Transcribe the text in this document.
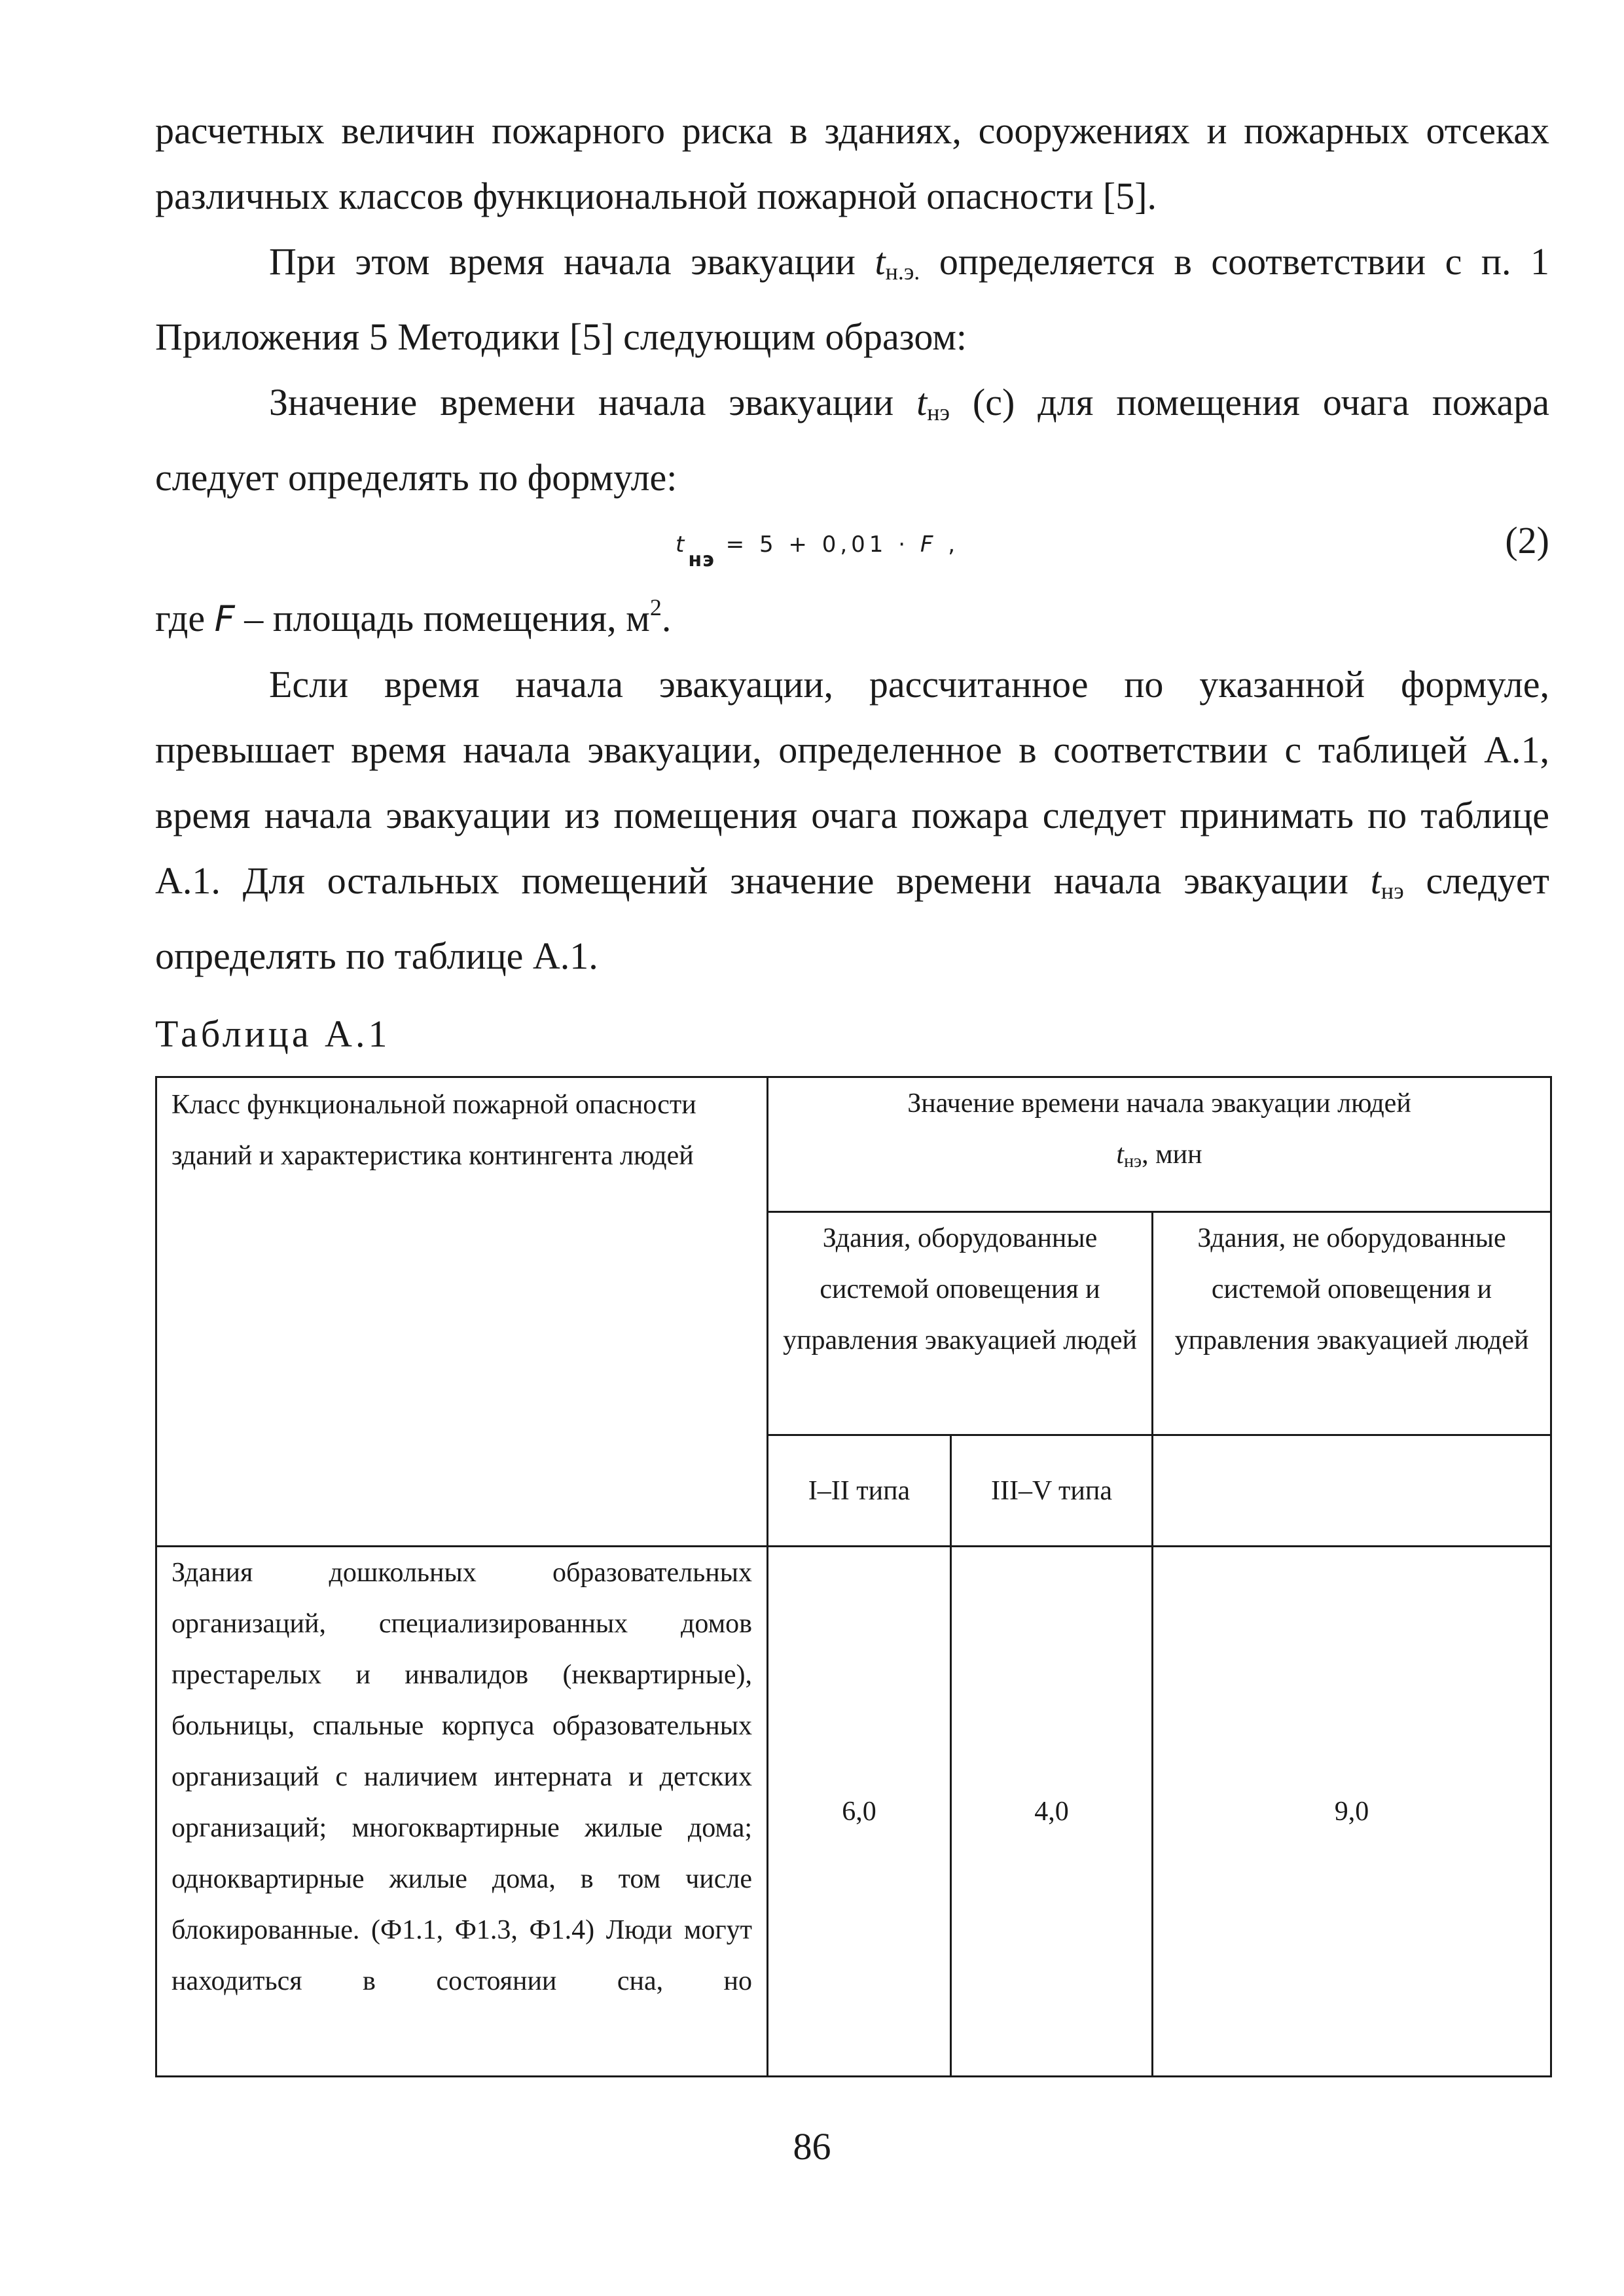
расчетных величин пожарного риска в зданиях, сооружениях и пожарных отсеках различных классов функциональной пожарной опасности [5].

При этом время начала эвакуации $t_{н.э.}$ определяется в соответствии с п. 1 Приложения 5 Методики [5] следующим образом:

Значение времени начала эвакуации $t_{нэ}$ (с) для помещения очага пожара следует определять по формуле:

tнэ = 5 + 0,01 · F ,	(2)

где F – площадь помещения, $м^2$.

Если время начала эвакуации, рассчитанное по указанной формуле, превышает время начала эвакуации, определенное в соответствии с таблицей А.1, время начала эвакуации из помещения очага пожара следует принимать по таблице А.1. Для остальных помещений значение времени начала эвакуации $t_{нэ}$ следует определять по таблице А.1.

Таблица А.1
Класс функциональной пожарной опасности зданий и характеристика контингента людей	Значение времени начала эвакуации людей
$t_{нэ}$, мин		

	Здания, оборудованные системой оповещения и управления эвакуацией людей		Здания, не оборудованные системой оповещения и управления эвакуацией людей
	I‒II типа	III–V типа	
Здания дошкольных образовательных организаций, специализированных домов престарелых и инвалидов (неквартирные), больницы, спальные корпуса образовательных организаций с наличием интерната и детских организаций; многоквартирные жилые дома; одноквартирные жилые дома, в том числе блокированные. (Ф1.1, Ф1.3, Ф1.4) Люди могут находиться в состоянии сна, но	6,0	4,0	9,0
86
